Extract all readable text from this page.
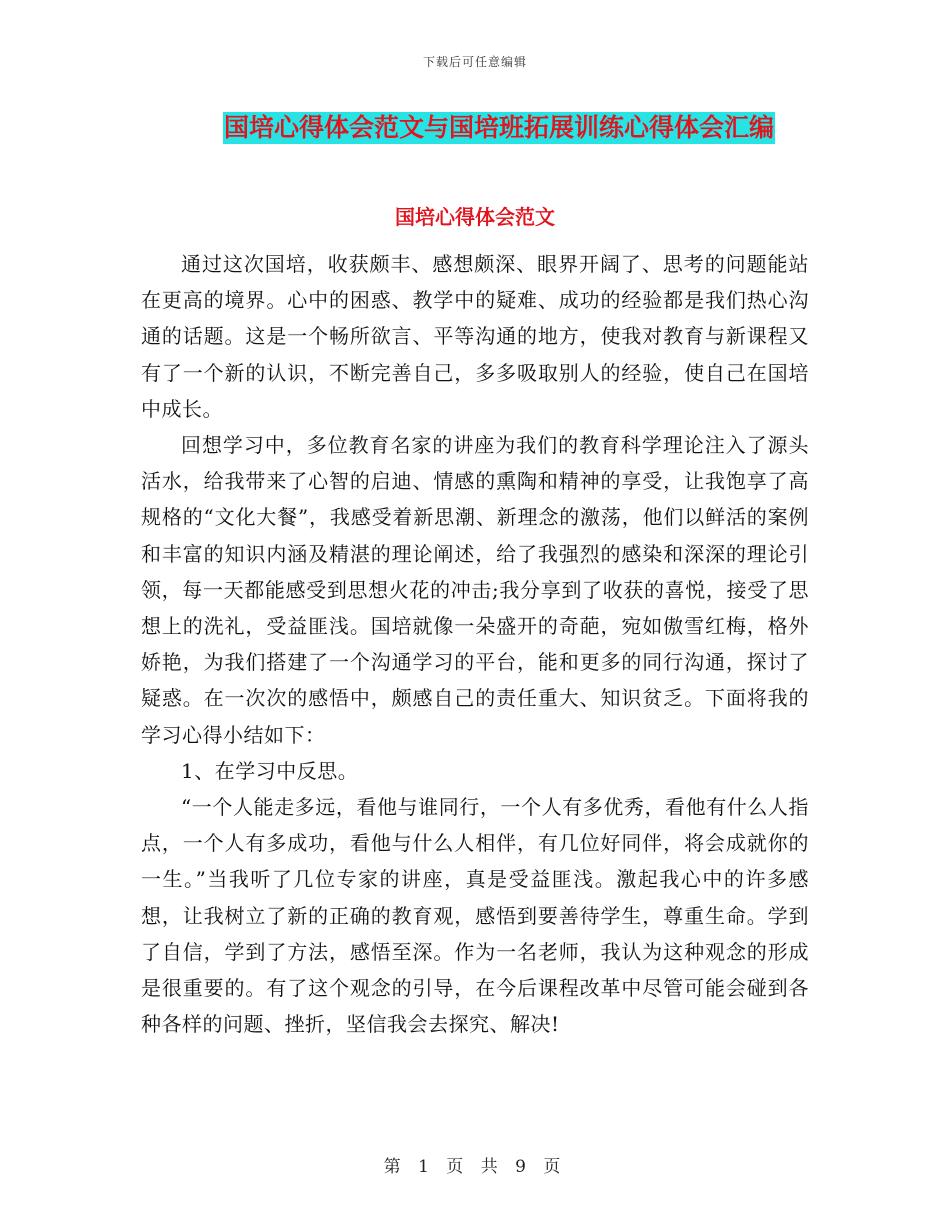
下载后可任意编辑
国培心得体会范文与国培班拓展训练心得体会汇编
国培心得体会范文

通过这次国培，收获颇丰、感想颇深、眼界开阔了、思考的问题能站在更高的境界。心中的困惑、教学中的疑难、成功的经验都是我们热心沟通的话题。这是一个畅所欲言、平等沟通的地方，使我对教育与新课程又有了一个新的认识，不断完善自己，多多吸取别人的经验，使自己在国培中成长。

回想学习中，多位教育名家的讲座为我们的教育科学理论注入了源头活水，给我带来了心智的启迪、情感的熏陶和精神的享受，让我饱享了高规格的“文化大餐”，我感受着新思潮、新理念的激荡，他们以鲜活的案例和丰富的知识内涵及精湛的理论阐述，给了我强烈的感染和深深的理论引领，每一天都能感受到思想火花的冲击;我分享到了收获的喜悦，接受了思想上的洗礼，受益匪浅。国培就像一朵盛开的奇葩，宛如傲雪红梅，格外娇艳，为我们搭建了一个沟通学习的平台，能和更多的同行沟通，探讨了疑惑。在一次次的感悟中，颇感自己的责任重大、知识贫乏。下面将我的学习心得小结如下：

1、在学习中反思。

“一个人能走多远，看他与谁同行，一个人有多优秀，看他有什么人指点，一个人有多成功，看他与什么人相伴，有几位好同伴，将会成就你的一生。”当我听了几位专家的讲座，真是受益匪浅。激起我心中的许多感想，让我树立了新的正确的教育观，感悟到要善待学生，尊重生命。学到了自信，学到了方法，感悟至深。作为一名老师，我认为这种观念的形成是很重要的。有了这个观念的引导，在今后课程改革中尽管可能会碰到各种各样的问题、挫折，坚信我会去探究、解决!

第 1 页 共 9 页
